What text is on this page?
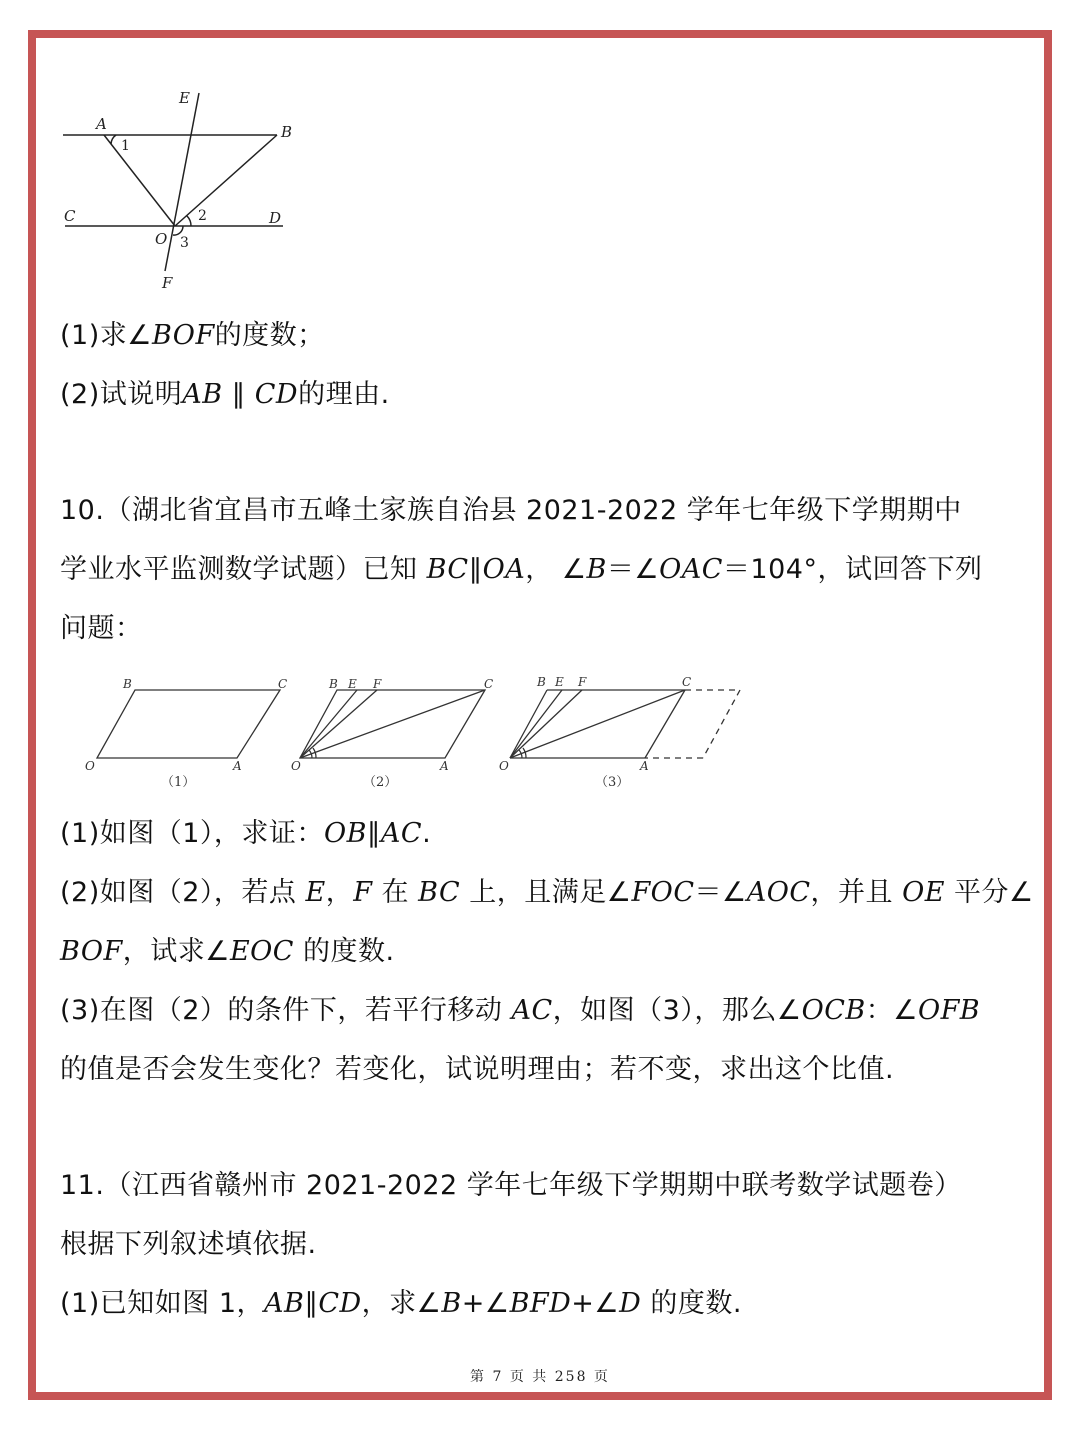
A	B
C	D
E
F
O
1
2
3
(1)求∠BOF的度数；
(2)试说明AB ∥ CD的理由.
10.（湖北省宜昌市五峰土家族自治县 2021-2022 学年七年级下学期期中
学业水平监测数学试题）已知 BC∥OA， ∠B＝∠OAC＝104°，试回答下列
问题：
B	C
O	A
B E F	C
O	A
B E F	C
O	A
（1）	（2）	（3）
(1)如图（1），求证：OB∥AC.
(2)如图（2），若点 E，F 在 BC 上，且满足∠FOC＝∠AOC，并且 OE 平分∠
BOF，试求∠EOC 的度数.
(3)在图（2）的条件下，若平行移动 AC，如图（3），那么∠OCB：∠OFB
的值是否会发生变化？若变化，试说明理由；若不变，求出这个比值.
11.（江西省赣州市 2021-2022 学年七年级下学期期中联考数学试题卷）
根据下列叙述填依据.
(1)已知如图 1，AB∥CD，求∠B+∠BFD+∠D 的度数.
第 7 页 共 258 页
